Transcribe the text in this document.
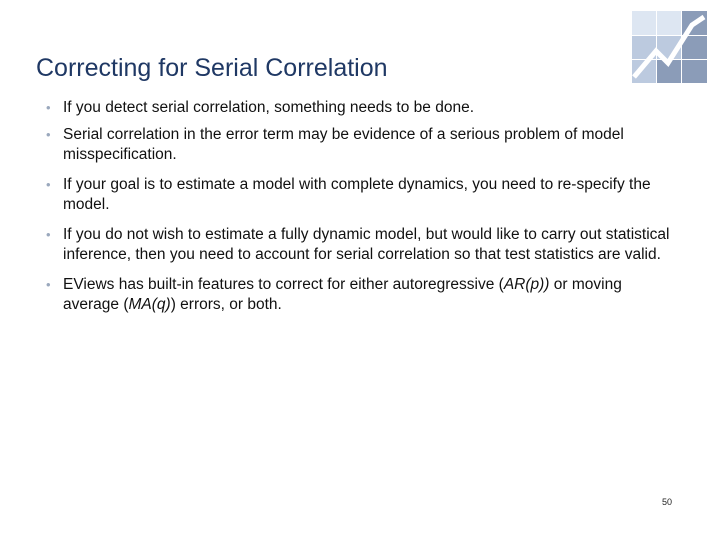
Correcting for Serial Correlation
• If you detect serial correlation, something needs to be done.
• Serial correlation in the error term may be evidence of a serious problem of model misspecification.
• If your goal is to estimate a model with complete dynamics, you need to re-specify the model.
• If you do not wish to estimate a fully dynamic model, but would like to carry out statistical inference, then you need to account for serial correlation so that test statistics are valid.
• EViews has built-in features to correct for either autoregressive (AR(p)) or moving average (MA(q)) errors, or both.
50
